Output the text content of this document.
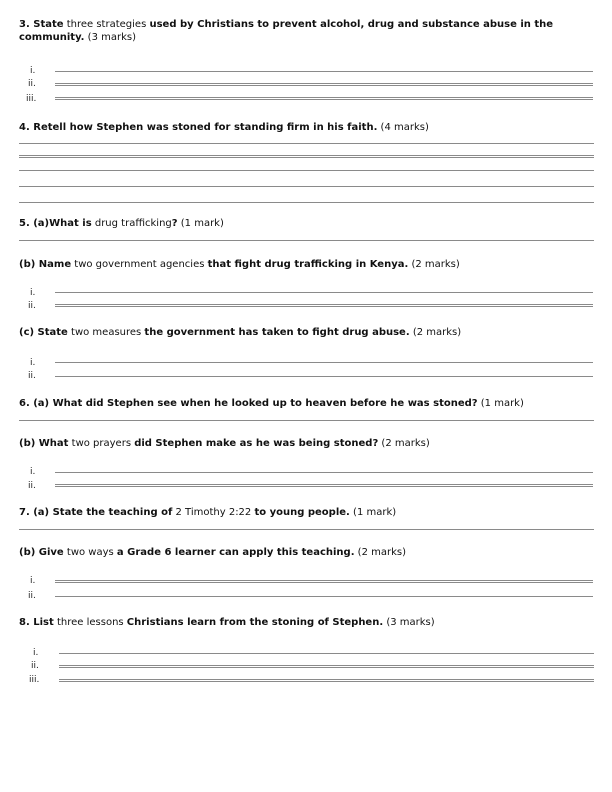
3. State three strategies used by Christians to prevent alcohol, drug and substance abuse in the community. (3 marks)
i.
ii.
iii.
4. Retell how Stephen was stoned for standing firm in his faith. (4 marks)
5. (a)What is drug trafficking? (1 mark)
(b) Name two government agencies that fight drug trafficking in Kenya. (2 marks)
i.
ii.
(c) State two measures the government has taken to fight drug abuse. (2 marks)
i.
ii.
6. (a) What did Stephen see when he looked up to heaven before he was stoned? (1 mark)
(b) What two prayers did Stephen make as he was being stoned? (2 marks)
i.
ii.
7. (a) State the teaching of 2 Timothy 2:22 to young people. (1 mark)
(b) Give two ways a Grade 6 learner can apply this teaching. (2 marks)
i.
ii.
8. List three lessons Christians learn from the stoning of Stephen. (3 marks)
i.
ii.
iii.
